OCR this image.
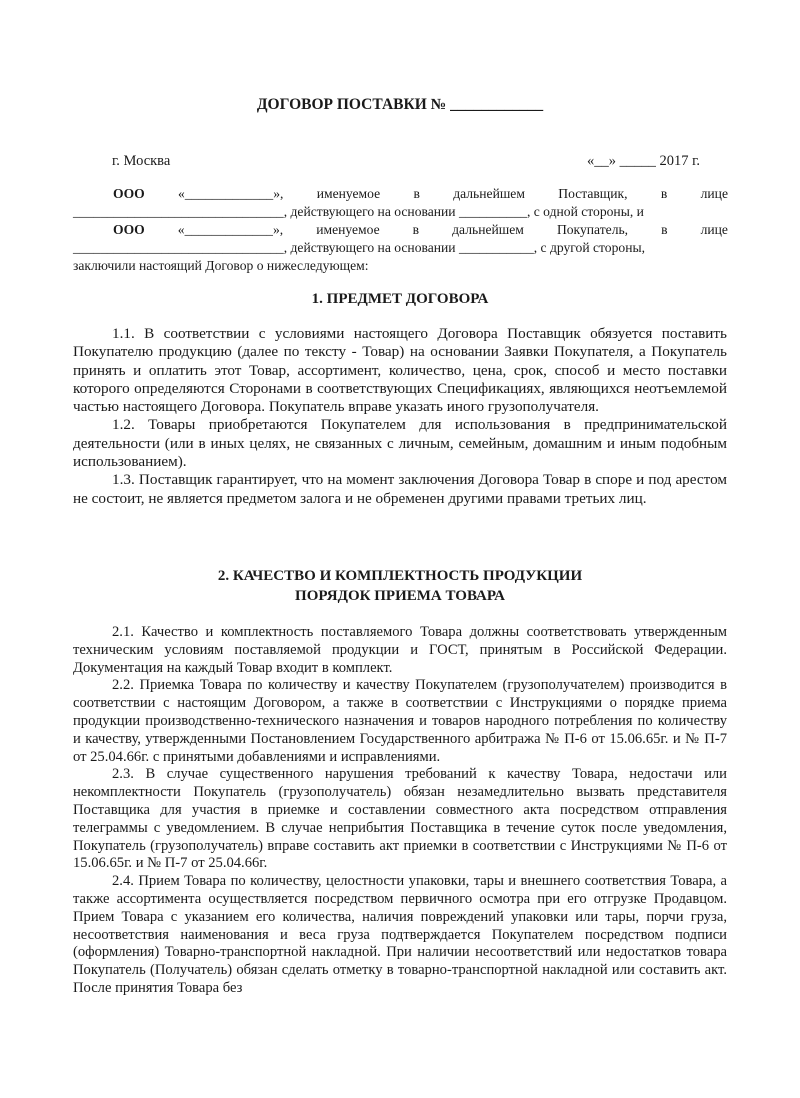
ДОГОВОР ПОСТАВКИ № ____________
г. Москва	«__» _____ 2017 г.
ООО «_____________», именуемое в дальнейшем Поставщик, в лице
_______________________________, действующего на основании __________, с одной стороны, и
ООО «_____________», именуемое в дальнейшем Покупатель, в лице
_______________________________, действующего на основании ___________, с другой стороны,
заключили настоящий Договор о нижеследующем:
1. ПРЕДМЕТ ДОГОВОРА

1.1. В соответствии с условиями настоящего Договора Поставщик обязуется поставить Покупателю продукцию (далее по тексту - Товар) на основании Заявки Покупателя, а Покупатель принять и оплатить этот Товар, ассортимент, количество, цена, срок, способ и место поставки которого определяются Сторонами в соответствующих Спецификациях, являющихся неотъемлемой частью настоящего Договора. Покупатель вправе указать иного грузополучателя.

1.2. Товары приобретаются Покупателем для использования в предпринимательской деятельности (или в иных целях, не связанных с личным, семейным, домашним и иным подобным использованием).

1.3. Поставщик гарантирует, что на момент заключения Договора Товар в споре и под арестом не состоит, не является предметом залога и не обременен другими правами третьих лиц.

2. КАЧЕСТВО И КОМПЛЕКТНОСТЬ ПРОДУКЦИИ
ПОРЯДОК ПРИЕМА ТОВАРА

2.1. Качество и комплектность поставляемого Товара должны соответствовать утвержденным техническим условиям поставляемой продукции и ГОСТ, принятым в Российской Федерации. Документация на каждый Товар входит в комплект.

2.2. Приемка Товара по количеству и качеству Покупателем (грузополучателем) производится в соответствии с настоящим Договором, а также в соответствии с Инструкциями о порядке приема продукции производственно-технического назначения и товаров народного потребления по количеству и качеству, утвержденными Постановлением Государственного арбитража № П-6 от 15.06.65г. и № П-7 от 25.04.66г. с принятыми добавлениями и исправлениями.

2.3. В случае существенного нарушения требований к качеству Товара, недостачи или некомплектности Покупатель (грузополучатель) обязан незамедлительно вызвать представителя Поставщика для участия в приемке и составлении совместного акта посредством отправления телеграммы с уведомлением. В случае неприбытия Поставщика в течение суток после уведомления, Покупатель (грузополучатель) вправе составить акт приемки в соответствии с Инструкциями № П-6 от 15.06.65г. и № П-7 от 25.04.66г.

2.4. Прием Товара по количеству, целостности упаковки, тары и внешнего соответствия Товара, а также ассортимента осуществляется посредством первичного осмотра при его отгрузке Продавцом. Прием Товара с указанием его количества, наличия повреждений упаковки или тары, порчи груза, несоответствия наименования и веса груза подтверждается Покупателем посредством подписи (оформления) Товарно-транспортной накладной. При наличии несоответствий или недостатков товара Покупатель (Получатель) обязан сделать отметку в товарно-транспортной накладной или составить акт. После принятия Товара без
